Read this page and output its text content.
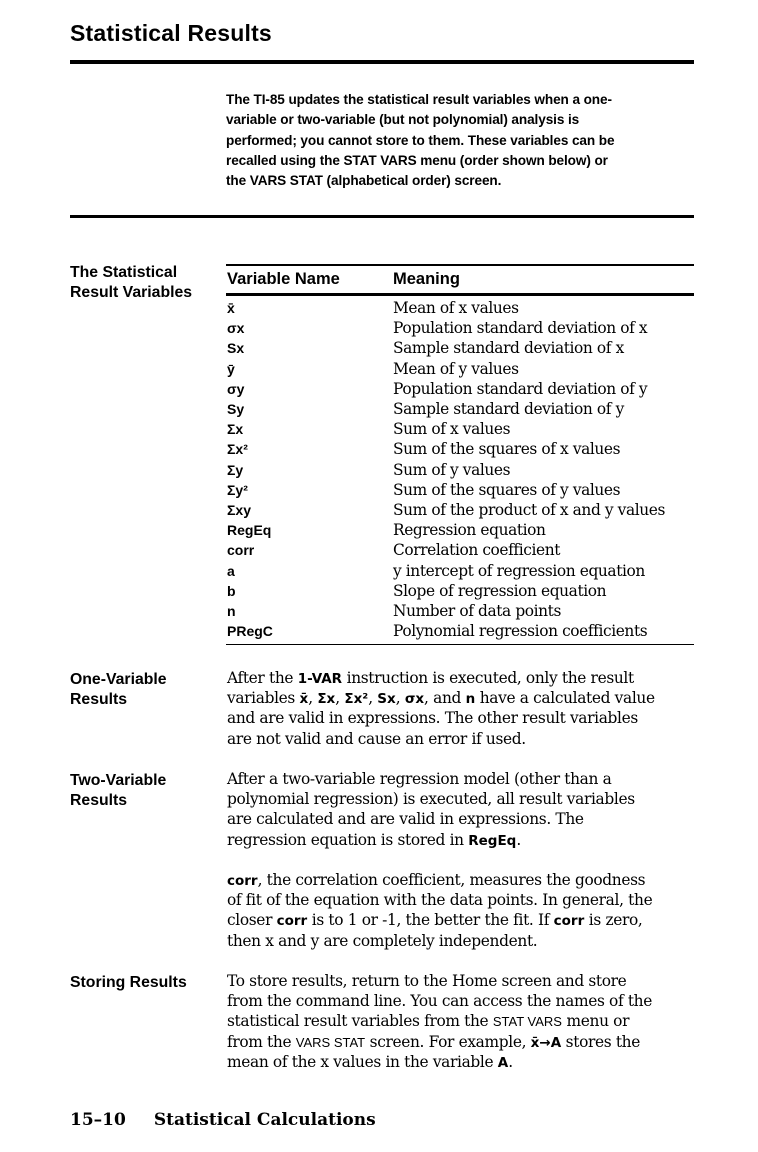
Statistical Results
The TI-85 updates the statistical result variables when a one-
variable or two-variable (but not polynomial) analysis is
performed; you cannot store to them. These variables can be
recalled using the STAT VARS menu (order shown below) or
the VARS STAT (alphabetical order) screen.
The Statistical
Result Variables
Variable Name	Meaning
x̄	Mean of x values
σx	Population standard deviation of x
Sx	Sample standard deviation of x
ȳ	Mean of y values
σy	Population standard deviation of y
Sy	Sample standard deviation of y
Σx	Sum of x values
Σx²	Sum of the squares of x values
Σy	Sum of y values
Σy²	Sum of the squares of y values
Σxy	Sum of the product of x and y values
RegEq	Regression equation
corr	Correlation coefficient
a	y intercept of regression equation
b	Slope of regression equation
n	Number of data points
PRegC	Polynomial regression coefficients
One-Variable
Results
After the 1-VAR instruction is executed, only the result
variables x̄, Σx, Σx², Sx, σx, and n have a calculated value
and are valid in expressions. The other result variables
are not valid and cause an error if used.
Two-Variable
Results
After a two-variable regression model (other than a
polynomial regression) is executed, all result variables
are calculated and are valid in expressions. The
regression equation is stored in RegEq.
corr, the correlation coefficient, measures the goodness
of fit of the equation with the data points. In general, the
closer corr is to 1 or -1, the better the fit. If corr is zero,
then x and y are completely independent.
Storing Results	To store results, return to the Home screen and store
from the command line. You can access the names of the
statistical result variables from the STAT VARS menu or
from the VARS STAT screen. For example, x̄→A stores the
mean of the x values in the variable A.
15–10 Statistical Calculations
